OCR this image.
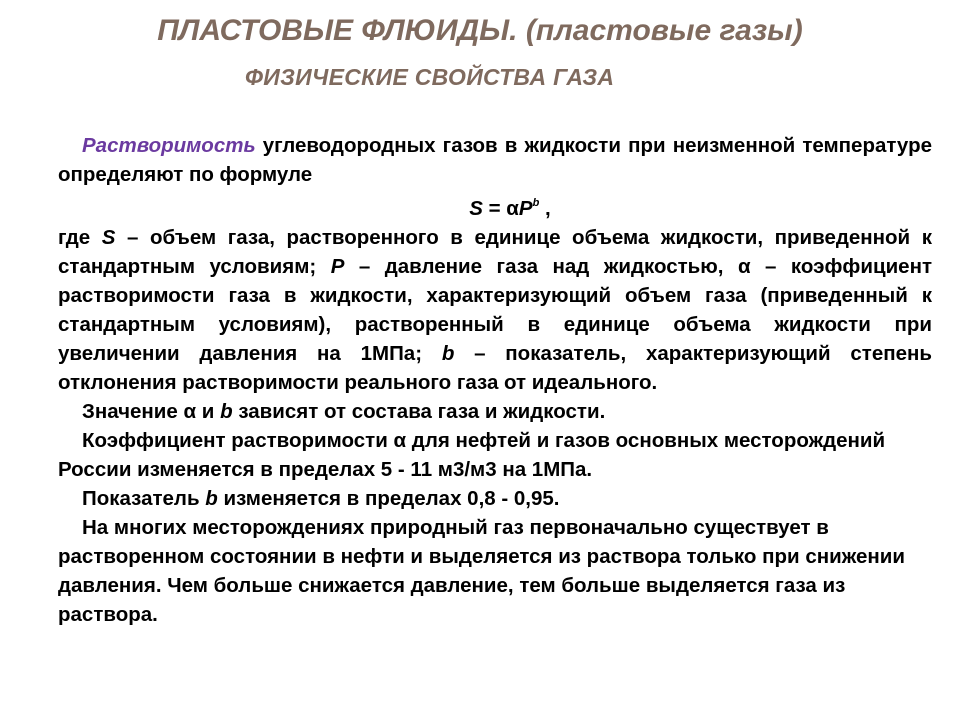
ПЛАСТОВЫЕ ФЛЮИДЫ. (пластовые газы)
ФИЗИЧЕСКИЕ СВОЙСТВА ГАЗА

Растворимость углеводородных газов в жидкости при неизменной температуре определяют по формуле

$S = \alpha P^b$ ,

где S – объем газа, растворенного в единице объема жидкости, приведенной к стандартным условиям; P – давление газа над жидкостью, α – коэффициент растворимости газа в жидкости, характеризующий объем газа (приведенный к стандартным условиям), растворенный в единице объема жидкости при увеличении давления на 1МПа; b – показатель, характеризующий степень отклонения растворимости реального газа от идеального.

Значение α и b зависят от состава газа и жидкости.

Коэффициент растворимости α для нефтей и газов основных месторождений России изменяется в пределах 5 - 11 м3/м3 на 1МПа.

Показатель b изменяется в пределах 0,8 - 0,95.

На многих месторождениях природный газ первоначально существует в растворенном состоянии в нефти и выделяется из раствора только при снижении давления. Чем больше снижается давление, тем больше выделяется газа из раствора.
